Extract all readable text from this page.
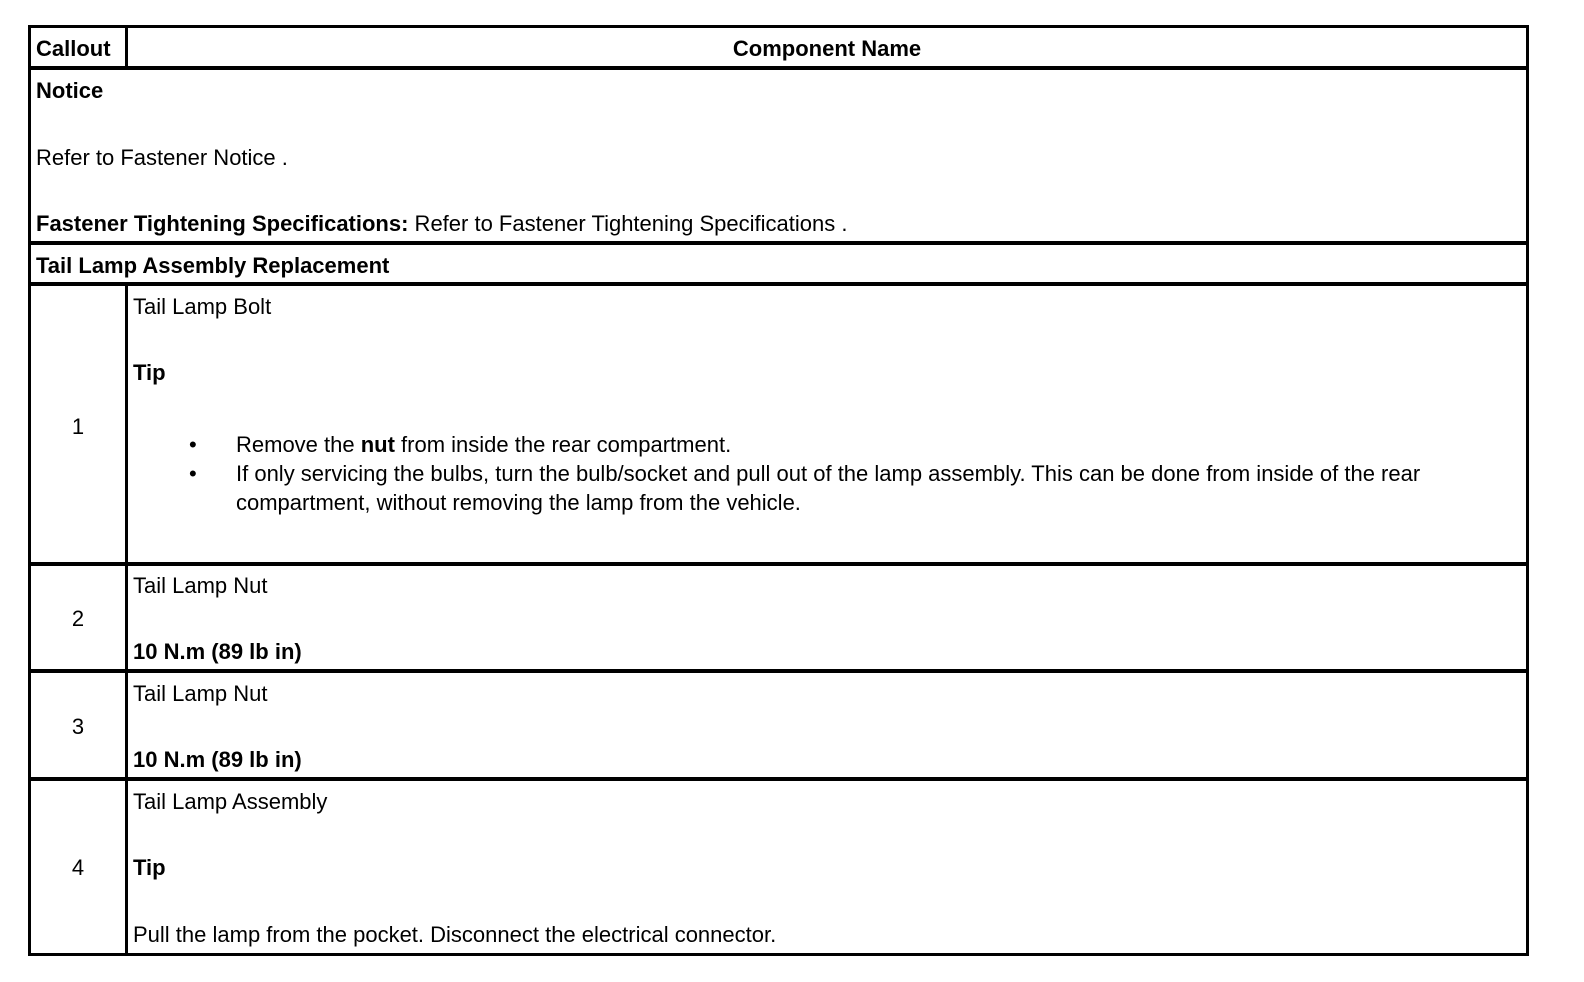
Callout	Component Name
Notice
Refer to Fastener Notice .
Fastener Tightening Specifications: Refer to Fastener Tightening Specifications .
Tail Lamp Assembly Replacement
1
Tail Lamp Bolt
Tip
• Remove the nut from inside the rear compartment.
• If only servicing the bulbs, turn the bulb/socket and pull out of the lamp assembly. This can be done from inside of the rear compartment, without removing the lamp from the vehicle.
2
Tail Lamp Nut
10 N.m (89 lb in)
3
Tail Lamp Nut
10 N.m (89 lb in)
4
Tail Lamp Assembly
Tip
Pull the lamp from the pocket. Disconnect the electrical connector.
